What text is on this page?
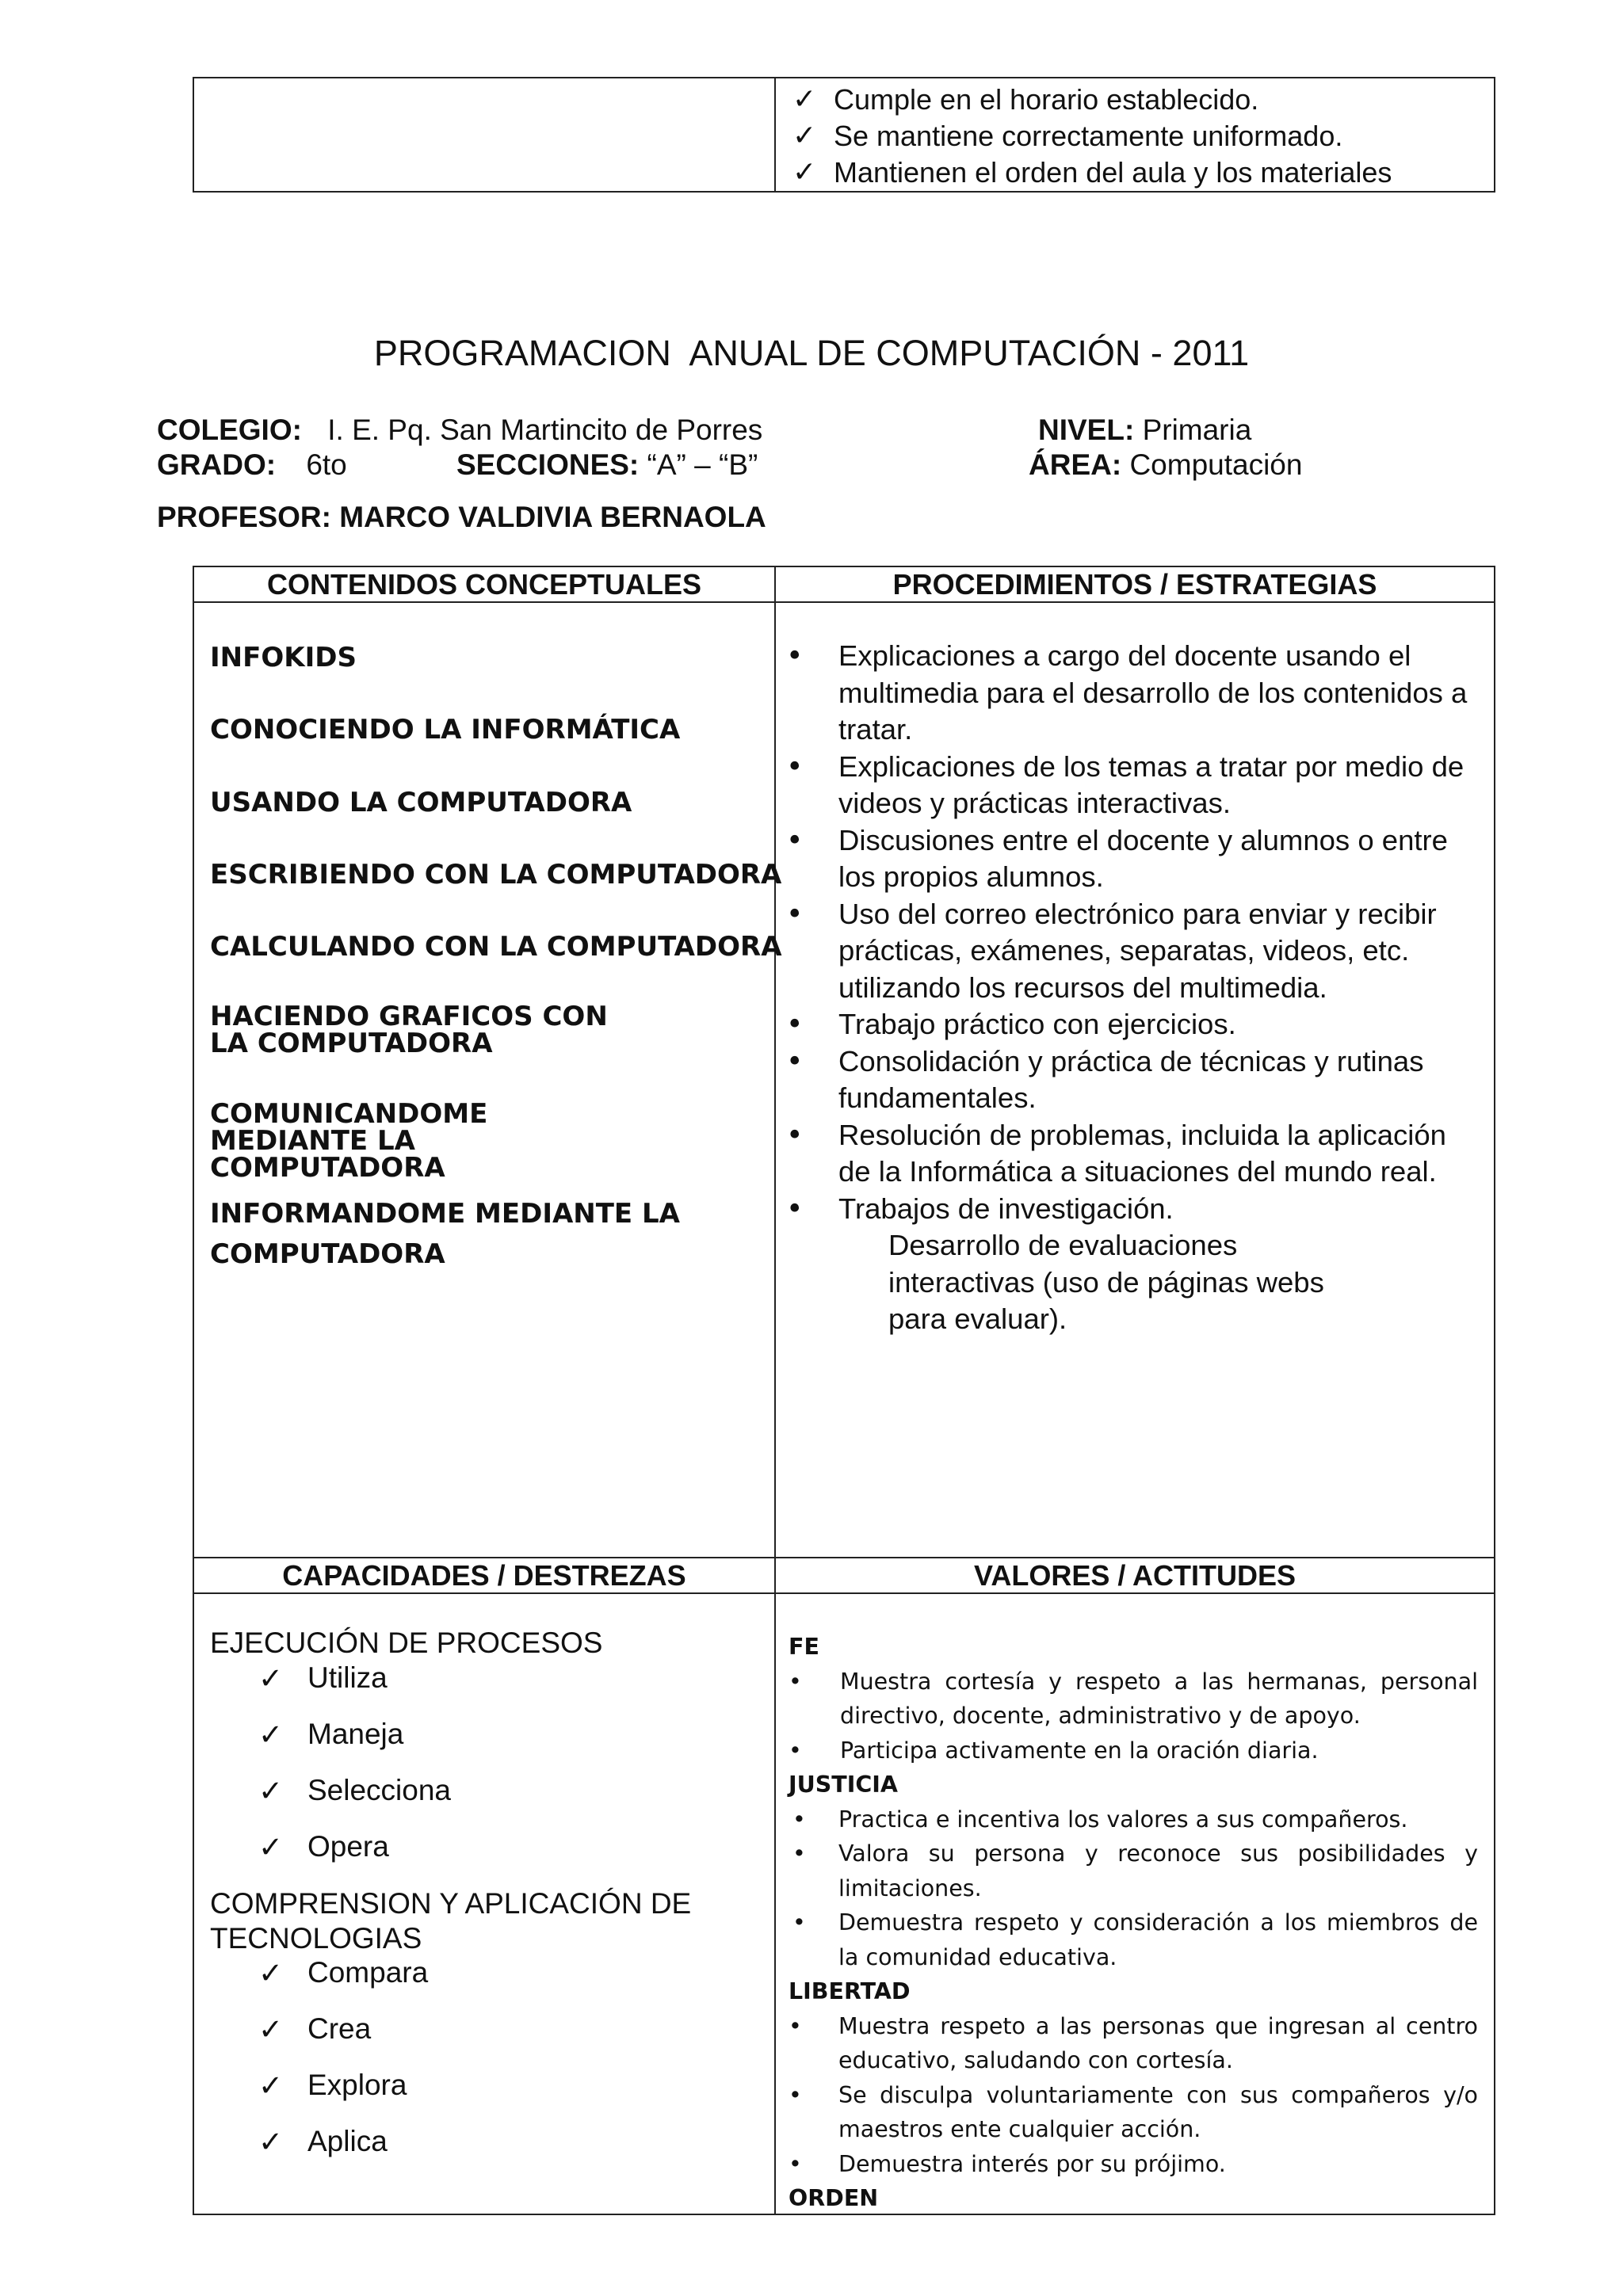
✓ Cumple en el horario establecido.
✓ Se mantiene correctamente uniformado.
✓ Mantienen el orden del aula y los materiales
PROGRAMACION  ANUAL DE COMPUTACIÓN - 2011
COLEGIO: I. E. Pq. San Martincito de Porres	NIVEL: Primaria
GRADO: 6to	SECCIONES: “A” – “B”	ÁREA: Computación
PROFESOR: MARCO VALDIVIA BERNAOLA
CONTENIDOS CONCEPTUALES	PROCEDIMIENTOS / ESTRATEGIAS
INFOKIDS
CONOCIENDO LA INFORMÁTICA
USANDO LA COMPUTADORA
ESCRIBIENDO CON LA COMPUTADORA
CALCULANDO CON LA COMPUTADORA
HACIENDO GRAFICOS CON LA COMPUTADORA
COMUNICANDOME MEDIANTE LA COMPUTADORA
INFORMANDOME MEDIANTE LA
COMPUTADORA
•	Explicaciones a cargo del docente usando el multimedia para el desarrollo de los contenidos a tratar.
•	Explicaciones de los temas a tratar por medio de videos y prácticas interactivas.
•	Discusiones entre el docente y alumnos o entre los propios alumnos.
•	Uso del correo electrónico para enviar y recibir prácticas, exámenes, separatas, videos, etc. utilizando los recursos del multimedia.
•	Trabajo práctico con ejercicios.
•	Consolidación y práctica de técnicas y rutinas fundamentales.
•	Resolución de problemas, incluida la aplicación de la Informática a situaciones del mundo real.
•	Trabajos de investigación.
Desarrollo de evaluaciones interactivas (uso de páginas webs para evaluar).
CAPACIDADES / DESTREZAS	VALORES / ACTITUDES
EJECUCIÓN DE PROCESOS
✓ Utiliza
✓ Maneja
✓ Selecciona
✓ Opera
COMPRENSION Y APLICACIÓN DE TECNOLOGIAS
✓ Compara
✓ Crea
✓ Explora
✓ Aplica
FE
•	Muestra cortesía y respeto a las hermanas, personal directivo, docente, administrativo y de apoyo.
•	Participa activamente en la oración diaria.
JUSTICIA
•	Practica e incentiva los valores a sus compañeros.
•	Valora su persona y reconoce sus posibilidades y limitaciones.
•	Demuestra respeto y consideración a los miembros de la comunidad educativa.
LIBERTAD
•	Muestra respeto a las personas que ingresan al centro educativo, saludando con cortesía.
•	Se disculpa voluntariamente con sus compañeros y/o maestros ente cualquier acción.
•	Demuestra interés por su prójimo.
ORDEN
